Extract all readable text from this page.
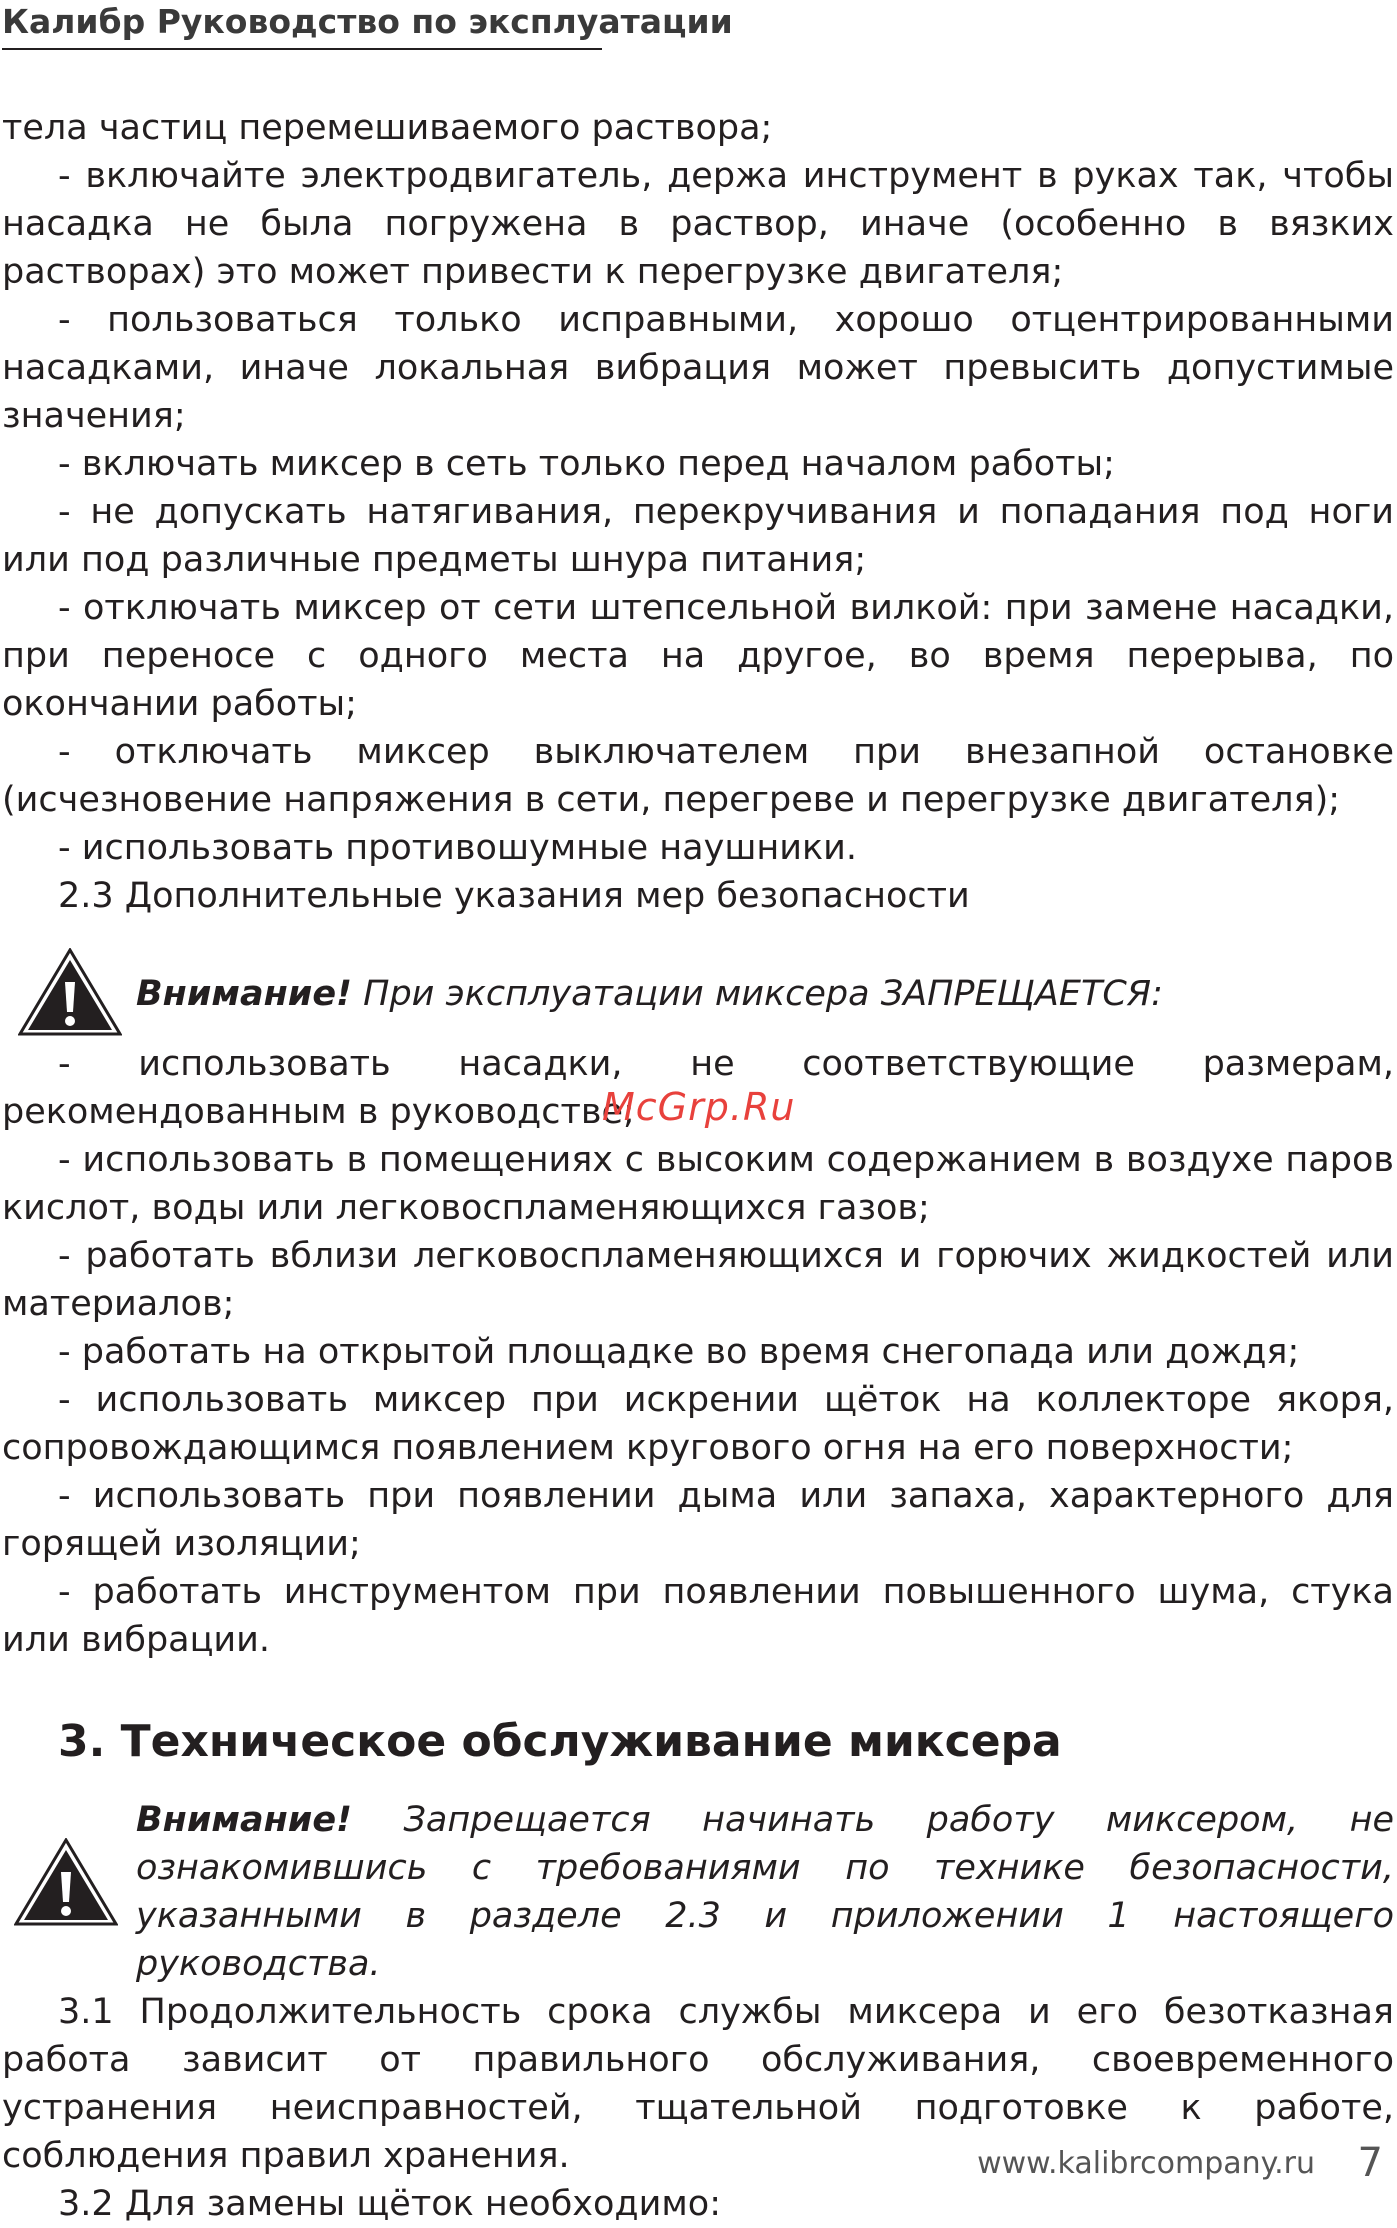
Калибр Руководство по эксплуатации

тела частиц перемешиваемого раствора;

- включайте электродвигатель, держа инструмент в руках так, чтобы насадка не была погружена в раствор, иначе (особенно в вязких растворах) это может привести к перегрузке двигателя;

- пользоваться только исправными, хорошо отцентрированными насадками, иначе локальная вибрация может превысить допустимые значения;

- включать миксер в сеть только перед началом работы;

- не допускать натягивания, перекручивания и попадания под ноги или под различные предметы шнура питания;

- отключать миксер от сети штепсельной вилкой: при замене насадки, при переносе с одного места на другое, во время перерыва, по окончании работы;

- отключать миксер выключателем при внезапной остановке (исчезновение напряжения в сети, перегреве и перегрузке двигателя);

- использовать противошумные наушники.

2.3 Дополнительные указания мер безопасности

Внимание! При эксплуатации миксера ЗАПРЕЩАЕТСЯ:

- использовать насадки, не соответствующие размерам, рекомендованным в руководстве;

- использовать в помещениях с высоким содержанием в воздухе паров кислот, воды или легковоспламеняющихся газов;

- работать вблизи легковоспламеняющихся и горючих жидкостей или материалов;

- работать на открытой площадке во время снегопада или дождя;

- использовать миксер при искрении щёток на коллекторе якоря, сопровождающимся появлением кругового огня на его поверхности;

- использовать при появлении дыма или запаха, характерного для горящей изоляции;

- работать инструментом при появлении повышенного шума, стука или вибрации.

3. Техническое обслуживание миксера
Внимание! Запрещается начинать работу миксером, не ознакомившись с требованиями по технике безопасности, указанными в разделе 2.3 и приложении 1 настоящего руководства.

3.1 Продолжительность срока службы миксера и его безотказная работа зависит от правильного обслуживания, своевременного устранения неисправностей, тщательной подготовке к работе, соблюдения правил хранения.

3.2 Для замены щёток необходимо:

McGrp.Ru
www.kalibrcompany.ru 7
